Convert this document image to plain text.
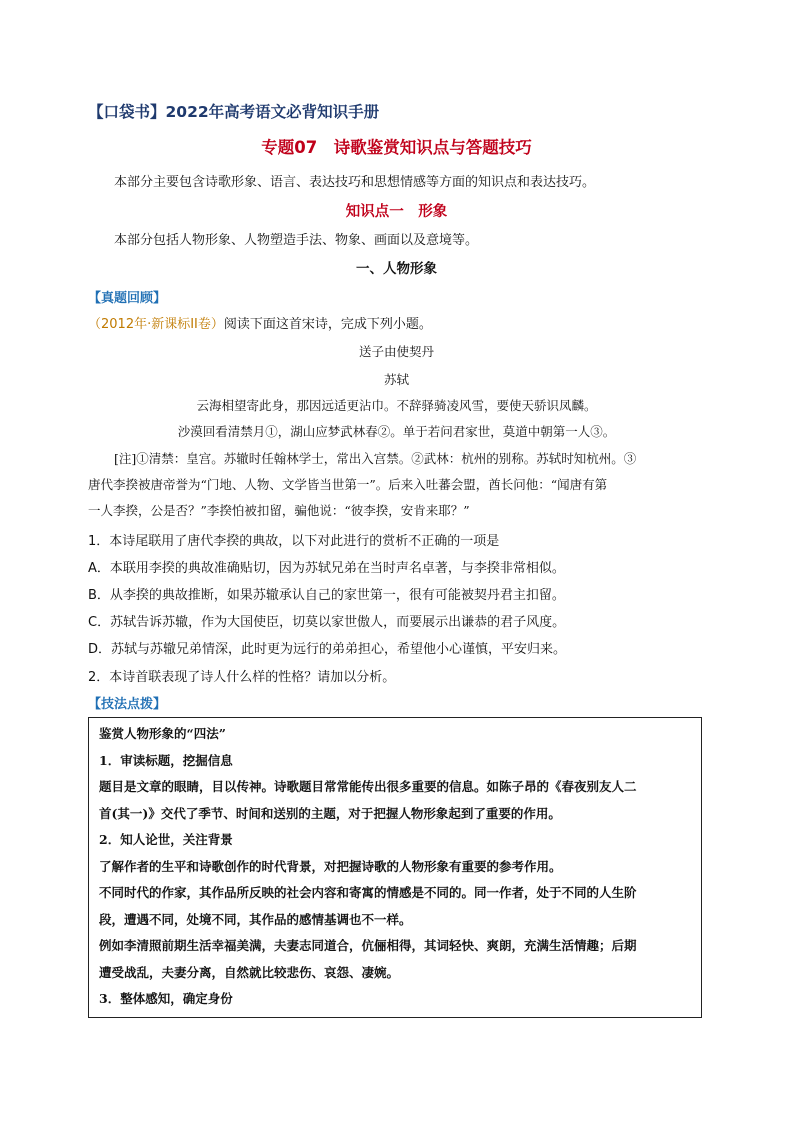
【口袋书】2022年高考语文必背知识手册
专题07　诗歌鉴赏知识点与答题技巧
本部分主要包含诗歌形象、语言、表达技巧和思想情感等方面的知识点和表达技巧。
知识点一　形象
本部分包括人物形象、人物塑造手法、物象、画面以及意境等。
一、人物形象
【真题回顾】
（2012年·新课标II卷）阅读下面这首宋诗，完成下列小题。
送子由使契丹
苏轼
云海相望寄此身，那因远适更沾巾。不辞驿骑凌风雪，要使天骄识凤麟。
沙漠回看清禁月①，湖山应梦武林春②。单于若问君家世，莫道中朝第一人③。

[注]①清禁：皇宫。苏辙时任翰林学士，常出入宫禁。②武林：杭州的别称。苏轼时知杭州。③

唐代李揆被唐帝誉为“门地、人物、文学皆当世第一”。后来入吐蕃会盟，酋长问他：“闻唐有第

一人李揆，公是否？”李揆怕被扣留，骗他说：“彼李揆，安肯来耶？”

1．本诗尾联用了唐代李揆的典故，以下对此进行的赏析不正确的一项是
A．本联用李揆的典故准确贴切，因为苏轼兄弟在当时声名卓著，与李揆非常相似。
B．从李揆的典故推断，如果苏辙承认自己的家世第一，很有可能被契丹君主扣留。
C．苏轼告诉苏辙，作为大国使臣，切莫以家世傲人，而要展示出谦恭的君子风度。
D．苏轼与苏辙兄弟情深，此时更为远行的弟弟担心，希望他小心谨慎，平安归来。
2．本诗首联表现了诗人什么样的性格？请加以分析。
【技法点拨】

鉴赏人物形象的“四法”

1．审读标题，挖掘信息

题目是文章的眼睛，目以传神。诗歌题目常常能传出很多重要的信息。如陈子昂的《春夜别友人二

首(其一)》交代了季节、时间和送别的主题，对于把握人物形象起到了重要的作用。

2．知人论世，关注背景

了解作者的生平和诗歌创作的时代背景，对把握诗歌的人物形象有重要的参考作用。

不同时代的作家，其作品所反映的社会内容和寄寓的情感是不同的。同一作者，处于不同的人生阶

段，遭遇不同，处境不同，其作品的感情基调也不一样。

例如李清照前期生活幸福美满，夫妻志同道合，伉俪相得，其词轻快、爽朗，充满生活情趣；后期

遭受战乱，夫妻分离，自然就比较悲伤、哀怨、凄婉。

3．整体感知，确定身份
